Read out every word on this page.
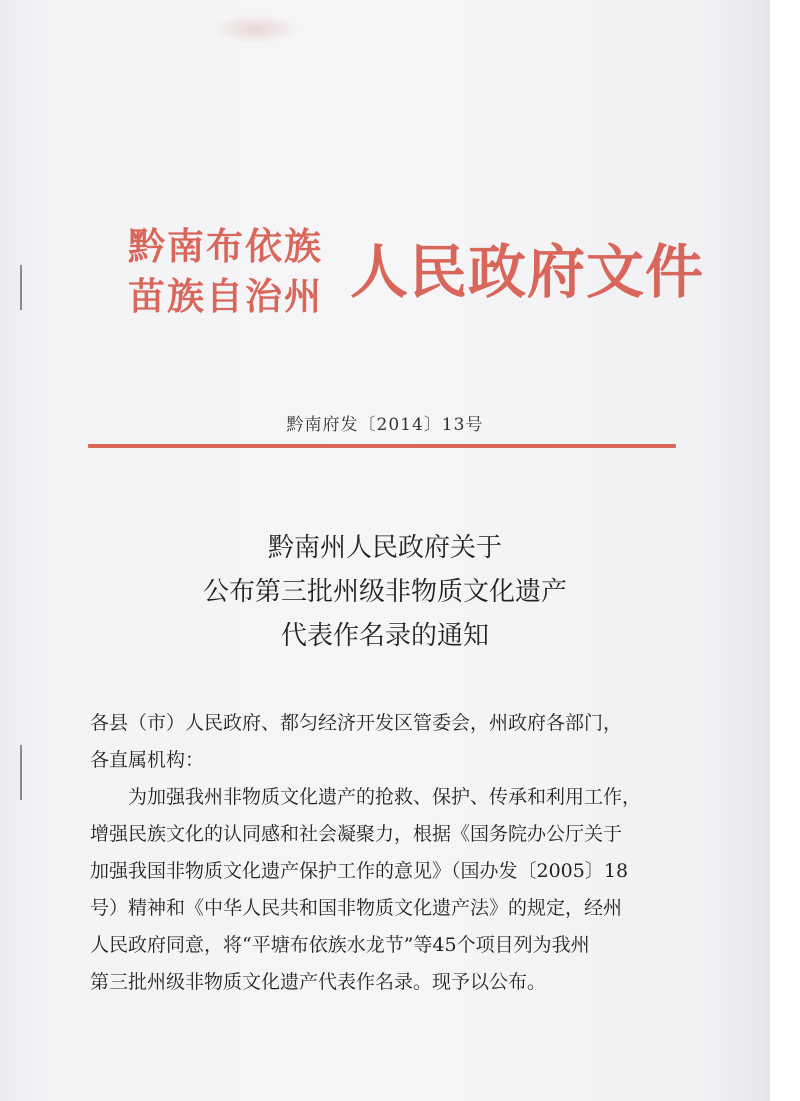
黔南布依族
苗族自治州 人民政府文件
黔南府发〔2014〕13号
黔南州人民政府关于
公布第三批州级非物质文化遗产
代表作名录的通知
各县（市）人民政府、都匀经济开发区管委会，州政府各部门，
各直属机构：
为加强我州非物质文化遗产的抢救、保护、传承和利用工作，
增强民族文化的认同感和社会凝聚力，根据《国务院办公厅关于
加强我国非物质文化遗产保护工作的意见》（国办发〔2005〕18
号）精神和《中华人民共和国非物质文化遗产法》的规定，经州
人民政府同意，将“平塘布依族水龙节”等45个项目列为我州
第三批州级非物质文化遗产代表作名录。现予以公布。
